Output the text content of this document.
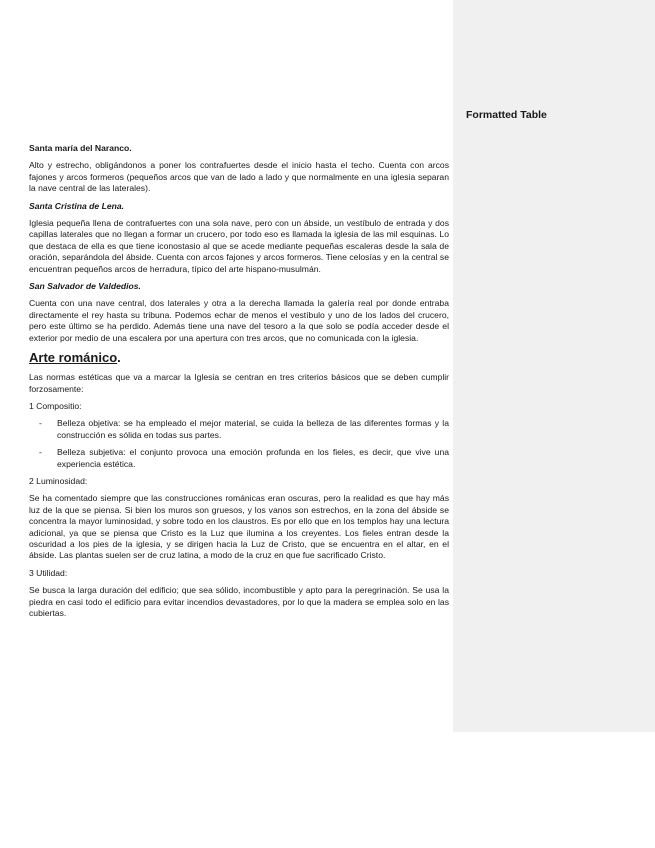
Formatted Table
Santa maría del Naranco.

Alto y estrecho, obligándonos a poner los contrafuertes desde el inicio hasta el techo. Cuenta con arcos fajones y arcos formeros (pequeños arcos que van de lado a lado y que normalmente en una iglesia separan la nave central de las laterales).

Santa Cristina de Lena.

Iglesia pequeña llena de contrafuertes con una sola nave, pero con un ábside, un vestíbulo de entrada y dos capillas laterales que no llegan a formar un crucero, por todo eso es llamada la iglesia de las mil esquinas. Lo que destaca de ella es que tiene iconostasio al que se acede mediante pequeñas escaleras desde la sala de oración, separándola del ábside. Cuenta con arcos fajones y arcos formeros. Tiene celosías y en la central se encuentran pequeños arcos de herradura, típico del arte hispano-musulmán.

San Salvador de Valdedios.

Cuenta con una nave central, dos laterales y otra a la derecha llamada la galería real por donde entraba directamente el rey hasta su tribuna. Podemos echar de menos el vestíbulo y uno de los lados del crucero, pero este último se ha perdido. Además tiene una nave del tesoro a la que solo se podía acceder desde el exterior por medio de una escalera por una apertura con tres arcos, que no comunicada con la iglesia.

Arte románico.

Las normas estéticas que va a marcar la Iglesia se centran en tres criterios básicos que se deben cumplir forzosamente:

1 Compositio:

- Belleza objetiva: se ha empleado el mejor material, se cuida la belleza de las diferentes formas y la construcción es sólida en todas sus partes.
- Belleza subjetiva: el conjunto provoca una emoción profunda en los fieles, es decir, que vive una experiencia estética.

2 Luminosidad:

Se ha comentado siempre que las construcciones románicas eran oscuras, pero la realidad es que hay más luz de la que se piensa. Si bien los muros son gruesos, y los vanos son estrechos, en la zona del ábside se concentra la mayor luminosidad, y sobre todo en los claustros. Es por ello que en los templos hay una lectura adicional, ya que se piensa que Cristo es la Luz que ilumina a los creyentes. Los fieles entran desde la oscuridad a los pies de la iglesia, y se dirigen hacia la Luz de Cristo, que se encuentra en el altar, en el ábside. Las plantas suelen ser de cruz latina, a modo de la cruz en que fue sacrificado Cristo.

3 Utilidad:

Se busca la larga duración del edificio; que sea sólido, incombustible y apto para la peregrinación. Se usa la piedra en casi todo el edificio para evitar incendios devastadores, por lo que la madera se emplea solo en las cubiertas.
